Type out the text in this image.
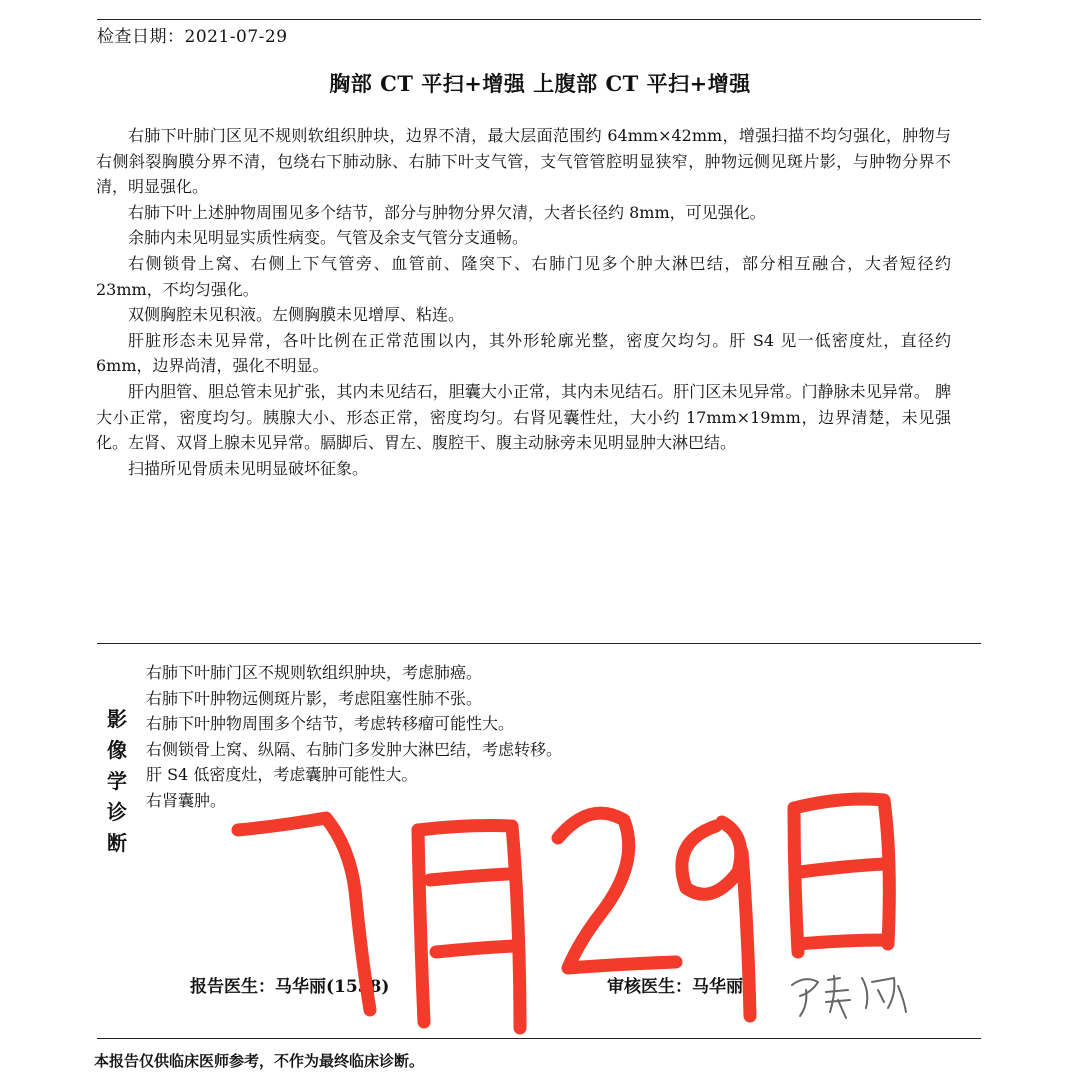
检查日期：2021-07-29
胸部 CT 平扫+增强 上腹部 CT 平扫+增强

右肺下叶肺门区见不规则软组织肿块，边界不清，最大层面范围约 64mm×42mm，增强扫描不均匀强化，肿物与右侧斜裂胸膜分界不清，包绕右下肺动脉、右肺下叶支气管，支气管管腔明显狭窄，肿物远侧见斑片影，与肿物分界不清，明显强化。

右肺下叶上述肿物周围见多个结节，部分与肿物分界欠清，大者长径约 8mm，可见强化。

余肺内未见明显实质性病变。气管及余支气管分支通畅。

右侧锁骨上窝、右侧上下气管旁、血管前、隆突下、右肺门见多个肿大淋巴结，部分相互融合，大者短径约 23mm，不均匀强化。

双侧胸腔未见积液。左侧胸膜未见增厚、粘连。

肝脏形态未见异常，各叶比例在正常范围以内，其外形轮廓光整，密度欠均匀。肝 S4 见一低密度灶，直径约 6mm，边界尚清，强化不明显。

肝内胆管、胆总管未见扩张，其内未见结石，胆囊大小正常，其内未见结石。肝门区未见异常。门静脉未见异常。 脾大小正常，密度均匀。胰腺大小、形态正常，密度均匀。右肾见囊性灶，大小约 17mm×19mm，边界清楚，未见强化。左肾、双肾上腺未见异常。膈脚后、胃左、腹腔干、腹主动脉旁未见明显肿大淋巴结。

扫描所见骨质未见明显破坏征象。

影
像
学
诊
断
右肺下叶肺门区不规则软组织肿块，考虑肺癌。
右肺下叶肿物远侧斑片影，考虑阻塞性肺不张。
右肺下叶肿物周围多个结节，考虑转移瘤可能性大。
右侧锁骨上窝、纵隔、右肺门多发肿大淋巴结，考虑转移。
肝 S4 低密度灶，考虑囊肿可能性大。
右肾囊肿。
报告医生：马华丽(1538)	审核医生：马华丽
本报告仅供临床医师参考，不作为最终临床诊断。
